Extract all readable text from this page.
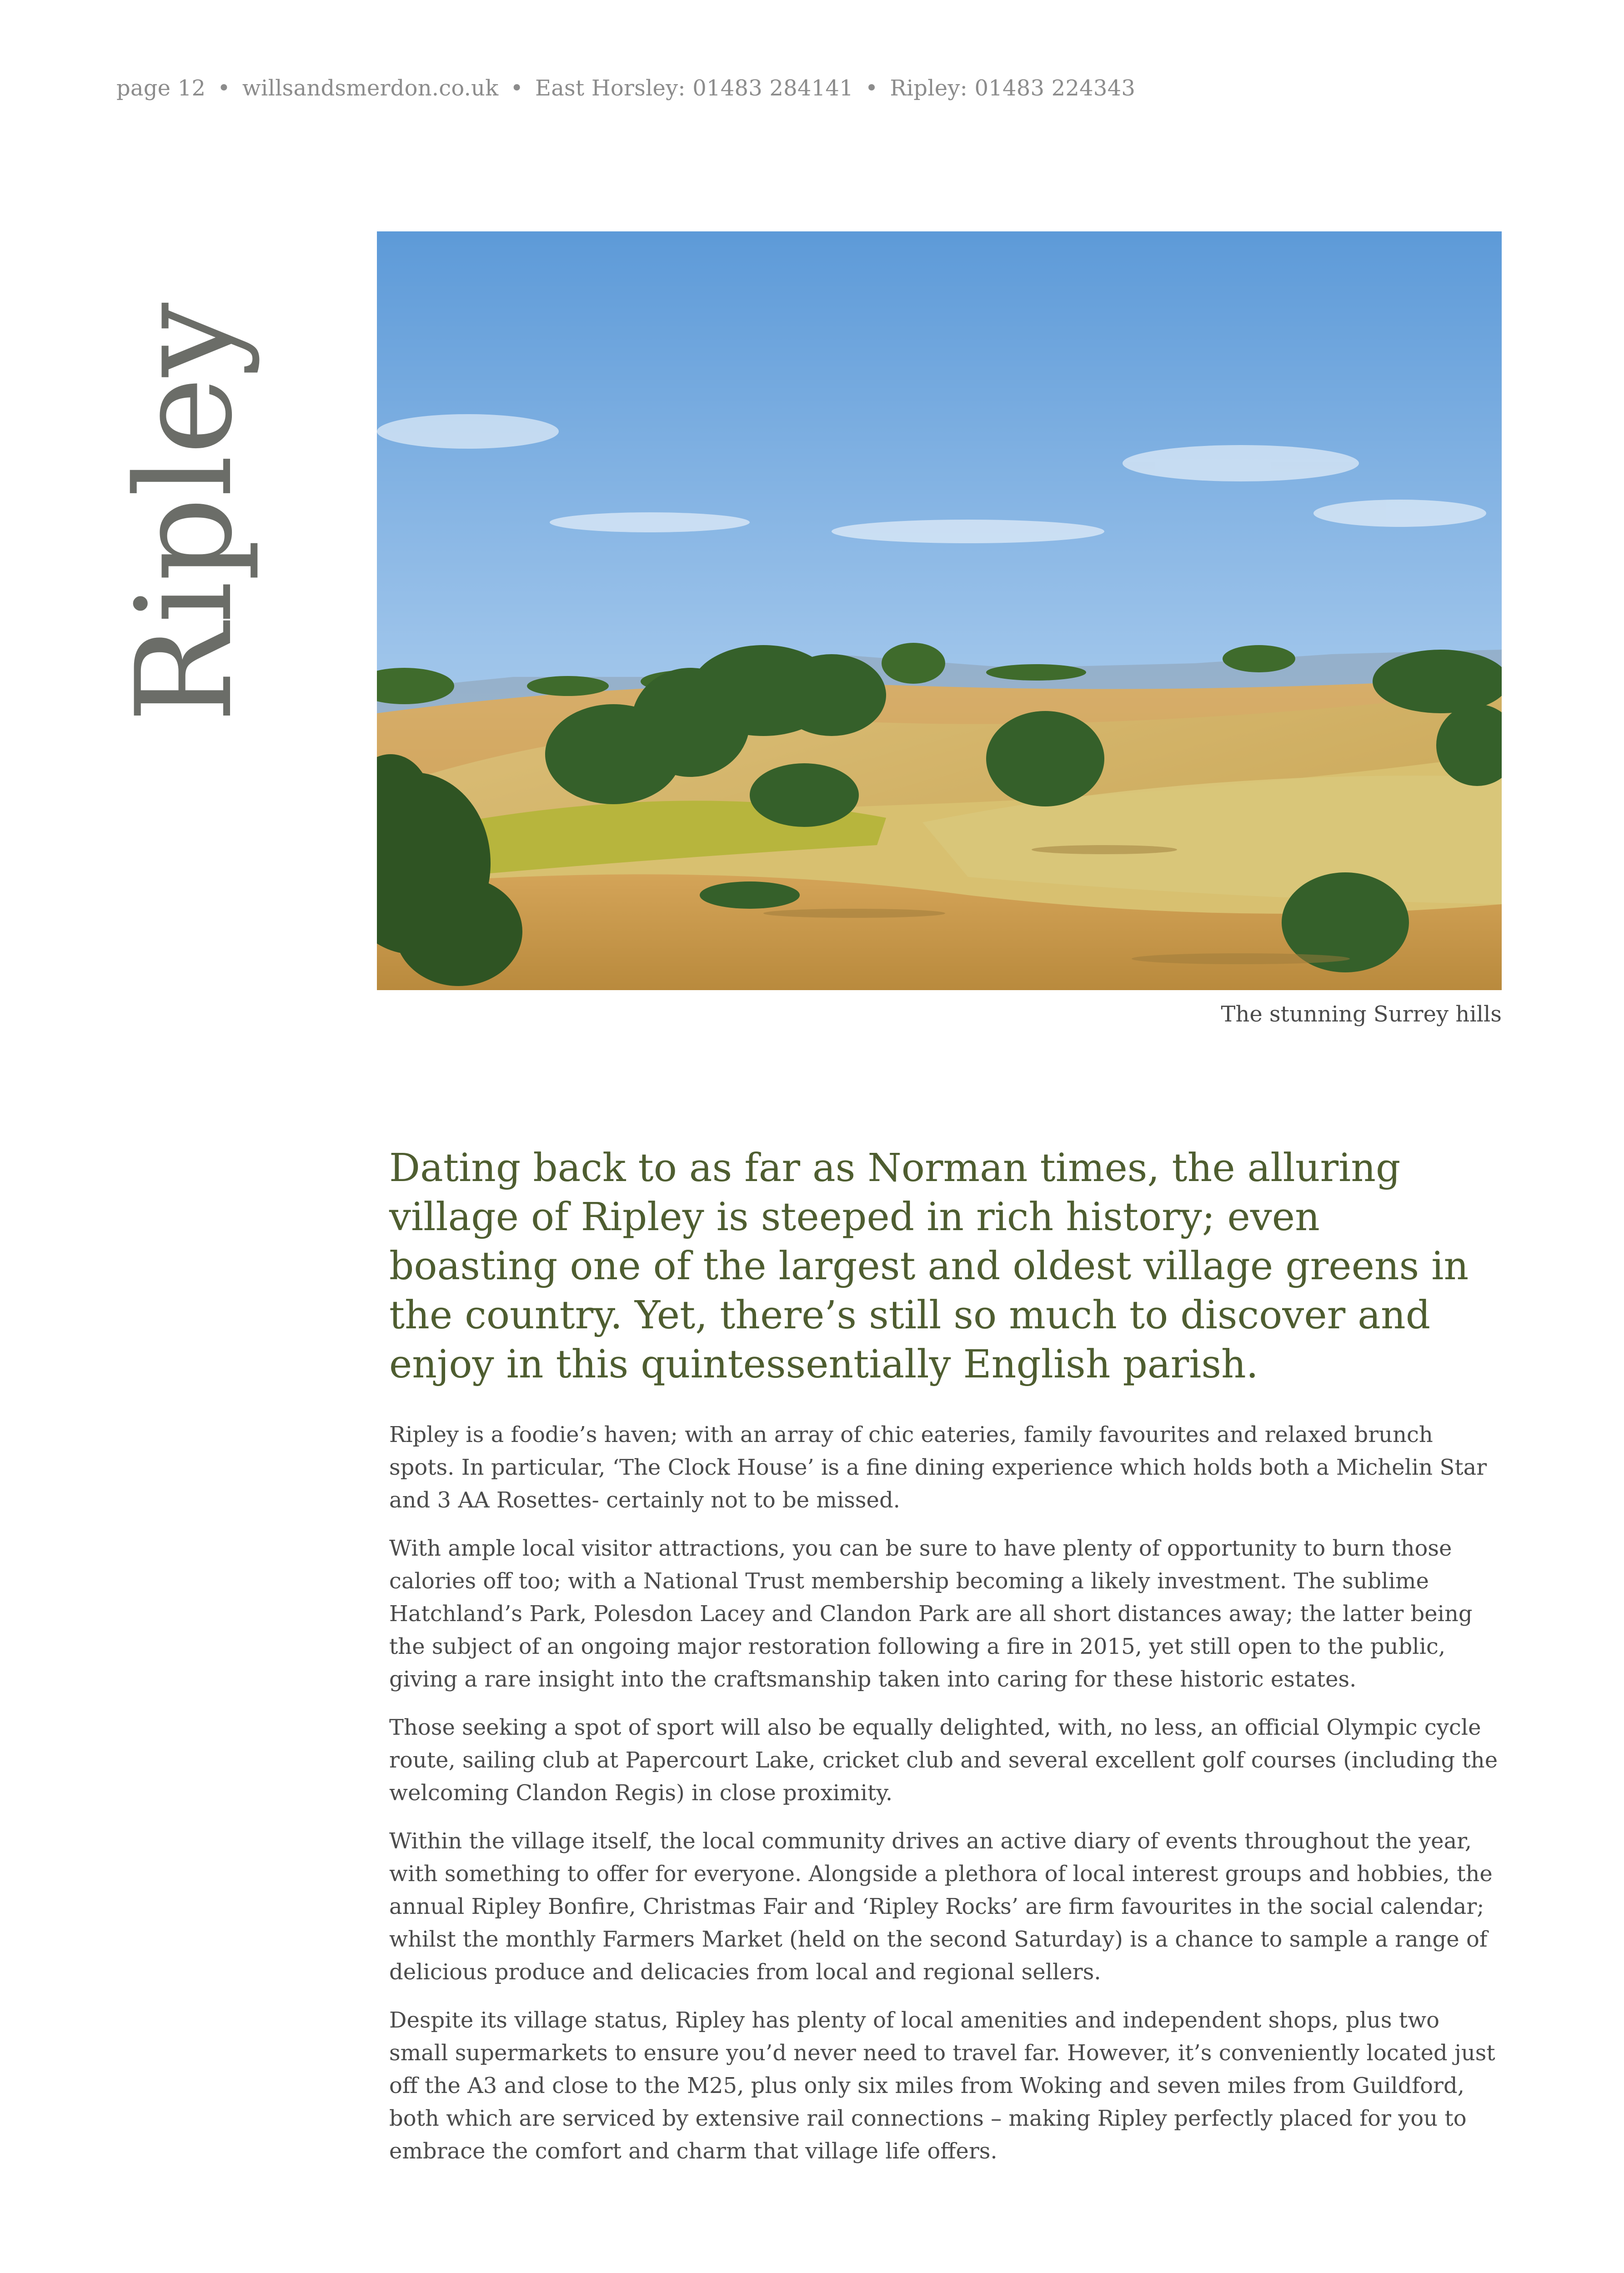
page 12 • willsandsmerdon.co.uk • East Horsley: 01483 284141 • Ripley: 01483 224343
Ripley
The stunning Surrey hills

Dating back to as far as Norman times, the alluring village of Ripley is steeped in rich history; even boasting one of the largest and oldest village greens in the country. Yet, there’s still so much to discover and enjoy in this quintessentially English parish.

Ripley is a foodie’s haven; with an array of chic eateries, family favourites and relaxed brunch spots. In particular, ‘The Clock House’ is a fine dining experience which holds both a Michelin Star and 3 AA Rosettes- certainly not to be missed.

With ample local visitor attractions, you can be sure to have plenty of opportunity to burn those calories off too; with a National Trust membership becoming a likely investment. The sublime Hatchland’s Park, Polesdon Lacey and Clandon Park are all short distances away; the latter being the subject of an ongoing major restoration following a fire in 2015, yet still open to the public, giving a rare insight into the craftsmanship taken into caring for these historic estates.

Those seeking a spot of sport will also be equally delighted, with, no less, an official Olympic cycle route, sailing club at Papercourt Lake, cricket club and several excellent golf courses (including the welcoming Clandon Regis) in close proximity.

Within the village itself, the local community drives an active diary of events throughout the year, with something to offer for everyone. Alongside a plethora of local interest groups and hobbies, the annual Ripley Bonfire, Christmas Fair and ‘Ripley Rocks’ are firm favourites in the social calendar; whilst the monthly Farmers Market (held on the second Saturday) is a chance to sample a range of delicious produce and delicacies from local and regional sellers.

Despite its village status, Ripley has plenty of local amenities and independent shops, plus two small supermarkets to ensure you’d never need to travel far. However, it’s conveniently located just off the A3 and close to the M25, plus only six miles from Woking and seven miles from Guildford, both which are serviced by extensive rail connections – making Ripley perfectly placed for you to embrace the comfort and charm that village life offers.
